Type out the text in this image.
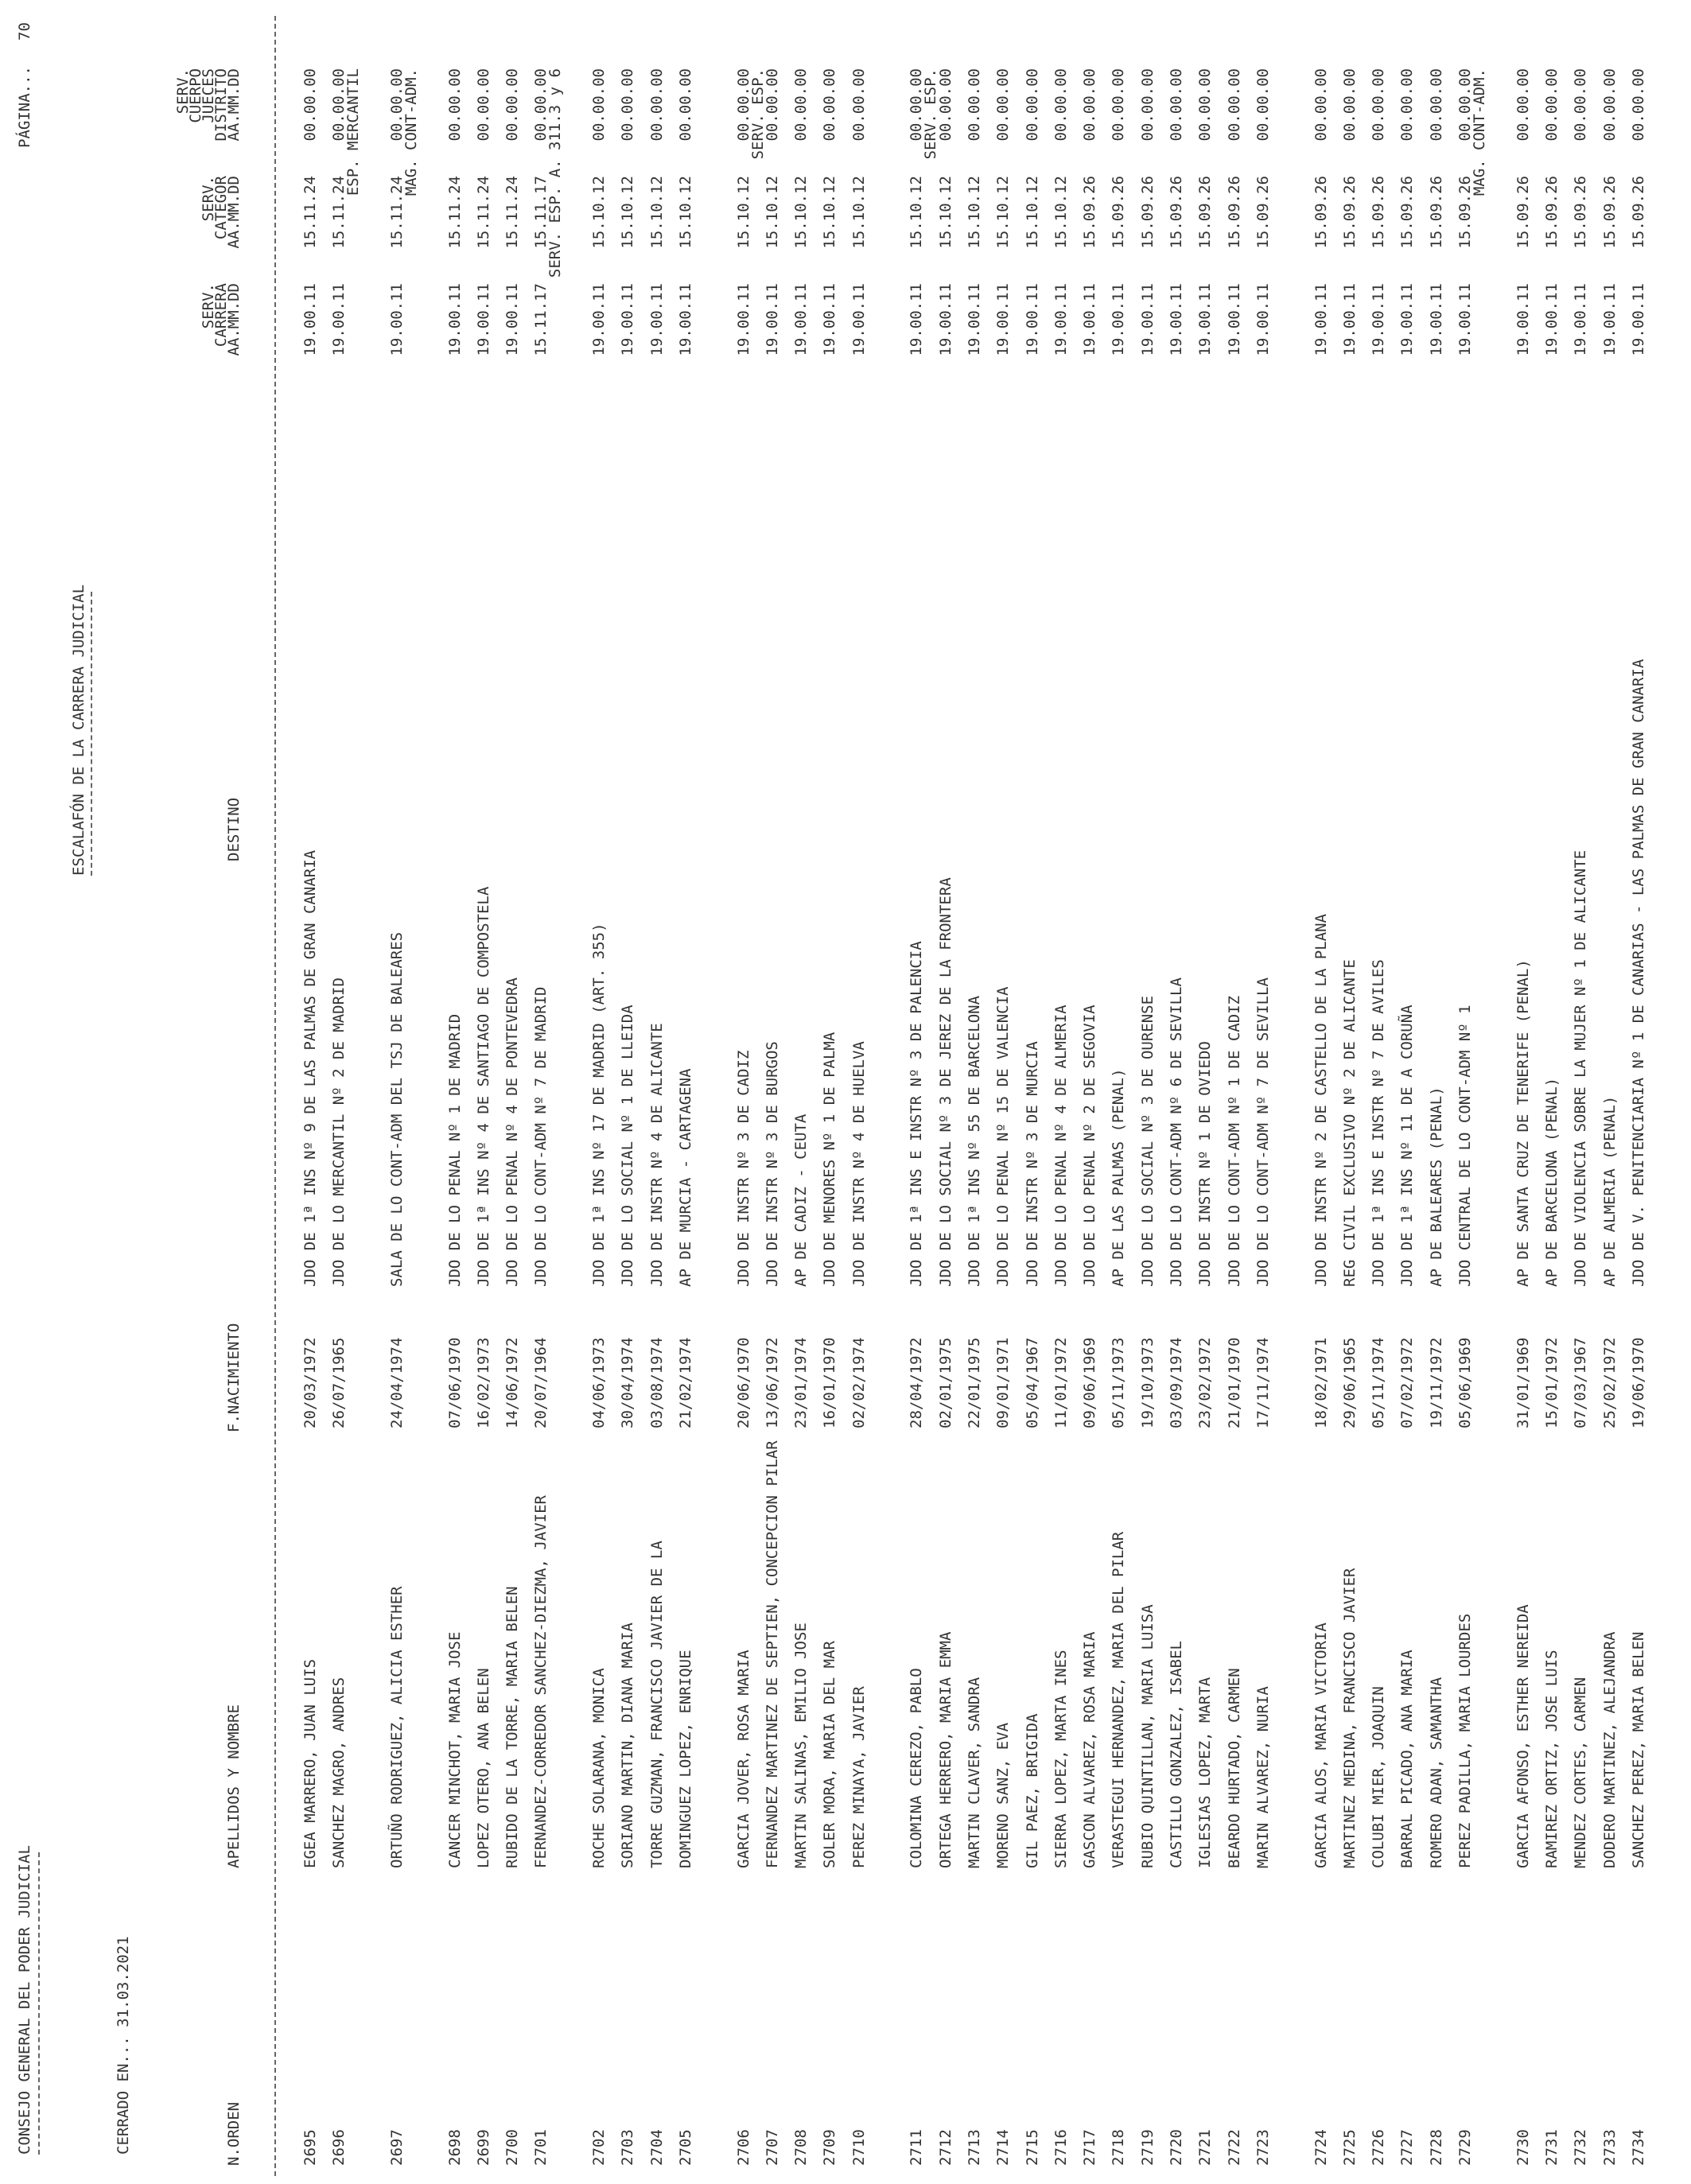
CONSEJO GENERAL DEL PODER JUDICIAL	CERRADO EN... 31.03.2021
ESCALAFÓN DE LA CARRERA JUDICIAL
PÁGINA...
70
N.ORDEN
APELLIDOS Y NOMBRE
F.NACIMIENTO
DESTINO
SERV.
CARRERA
AA.MM.DD
SERV.
CATEGOR
AA.MM.DD
SERV.
CUERPO
JUECES
DISTRITO
AA.MM.DD
2695
EGEA MARRERO, JUAN LUIS
20/03/1972
JDO DE 1ª INS Nº 9 DE LAS PALMAS DE GRAN CANARIA
19.00.11
15.11.24
00.00.00
2696
SANCHEZ MAGRO, ANDRES
26/07/1965
JDO DE LO MERCANTIL Nº 2 DE MADRID
19.00.11
15.11.24
00.00.00
ESP. MERCANTIL
2697
ORTUÑO RODRIGUEZ, ALICIA ESTHER
24/04/1974
SALA DE LO CONT-ADM DEL TSJ DE BALEARES
19.00.11
15.11.24
00.00.00
MAG. CONT-ADM.
2698
CANCER MINCHOT, MARIA JOSE
07/06/1970
JDO DE LO PENAL Nº 1 DE MADRID
19.00.11
15.11.24
00.00.00
2699
LOPEZ OTERO, ANA BELEN
16/02/1973
JDO DE 1ª INS Nº 4 DE SANTIAGO DE COMPOSTELA
19.00.11
15.11.24
00.00.00
2700
RUBIDO DE LA TORRE, MARIA BELEN
14/06/1972
JDO DE LO PENAL Nº 4 DE PONTEVEDRA
19.00.11
15.11.24
00.00.00
2701
FERNANDEZ-CORREDOR SANCHEZ-DIEZMA, JAVIER
20/07/1964
JDO DE LO CONT-ADM Nº 7 DE MADRID
15.11.17
15.11.17
00.00.00
SERV. ESP. A. 311.3 y 6
2702
ROCHE SOLARANA, MONICA
04/06/1973
JDO DE 1ª INS Nº 17 DE MADRID (ART. 355)
19.00.11
15.10.12
00.00.00
2703
SORIANO MARTIN, DIANA MARIA
30/04/1974
JDO DE LO SOCIAL Nº 1 DE LLEIDA
19.00.11
15.10.12
00.00.00
2704
TORRE GUZMAN, FRANCISCO JAVIER DE LA
03/08/1974
JDO DE INSTR Nº 4 DE ALICANTE
19.00.11
15.10.12
00.00.00
2705
DOMINGUEZ LOPEZ, ENRIQUE
21/02/1974
AP DE MURCIA - CARTAGENA
19.00.11
15.10.12
00.00.00
2706
GARCIA JOVER, ROSA MARIA
20/06/1970
JDO DE INSTR Nº 3 DE CADIZ
19.00.11
15.10.12
00.00.00
SERV. ESP.
2707
FERNANDEZ MARTINEZ DE SEPTIEN, CONCEPCION PILAR
13/06/1972
JDO DE INSTR Nº 3 DE BURGOS
19.00.11
15.10.12
00.00.00
2708
MARTIN SALINAS, EMILIO JOSE
23/01/1974
AP DE CADIZ - CEUTA
19.00.11
15.10.12
00.00.00
2709
SOLER MORA, MARIA DEL MAR
16/01/1970
JDO DE MENORES Nº 1 DE PALMA
19.00.11
15.10.12
00.00.00
2710
PEREZ MINAYA, JAVIER
02/02/1974
JDO DE INSTR Nº 4 DE HUELVA
19.00.11
15.10.12
00.00.00
2711
COLOMINA CEREZO, PABLO
28/04/1972
JDO DE 1ª INS E INSTR Nº 3 DE PALENCIA
19.00.11
15.10.12
00.00.00
SERV. ESP.
2712
ORTEGA HERRERO, MARIA EMMA
02/01/1975
JDO DE LO SOCIAL Nº 3 DE JEREZ DE LA FRONTERA
19.00.11
15.10.12
00.00.00
2713
MARTIN CLAVER, SANDRA
22/01/1975
JDO DE 1ª INS Nº 55 DE BARCELONA
19.00.11
15.10.12
00.00.00
2714
MORENO SANZ, EVA
09/01/1971
JDO DE LO PENAL Nº 15 DE VALENCIA
19.00.11
15.10.12
00.00.00
2715
GIL PAEZ, BRIGIDA
05/04/1967
JDO DE INSTR Nº 3 DE MURCIA
19.00.11
15.10.12
00.00.00
2716
SIERRA LOPEZ, MARTA INES
11/01/1972
JDO DE LO PENAL Nº 4 DE ALMERIA
19.00.11
15.10.12
00.00.00
2717
GASCON ALVAREZ, ROSA MARIA
09/06/1969
JDO DE LO PENAL Nº 2 DE SEGOVIA
19.00.11
15.09.26
00.00.00
2718
VERASTEGUI HERNANDEZ, MARIA DEL PILAR
05/11/1973
AP DE LAS PALMAS (PENAL)
19.00.11
15.09.26
00.00.00
2719
RUBIO QUINTILLAN, MARIA LUISA
19/10/1973
JDO DE LO SOCIAL Nº 3 DE OURENSE
19.00.11
15.09.26
00.00.00
2720
CASTILLO GONZALEZ, ISABEL
03/09/1974
JDO DE LO CONT-ADM Nº 6 DE SEVILLA
19.00.11
15.09.26
00.00.00
2721
IGLESIAS LOPEZ, MARTA
23/02/1972
JDO DE INSTR Nº 1 DE OVIEDO
19.00.11
15.09.26
00.00.00
2722
BEARDO HURTADO, CARMEN
21/01/1970
JDO DE LO CONT-ADM Nº 1 DE CADIZ
19.00.11
15.09.26
00.00.00
2723
MARIN ALVAREZ, NURIA
17/11/1974
JDO DE LO CONT-ADM Nº 7 DE SEVILLA
19.00.11
15.09.26
00.00.00
2724
GARCIA ALOS, MARIA VICTORIA
18/02/1971
JDO DE INSTR Nº 2 DE CASTELLO DE LA PLANA
19.00.11
15.09.26
00.00.00
2725
MARTINEZ MEDINA, FRANCISCO JAVIER
29/06/1965
REG CIVIL EXCLUSIVO Nº 2 DE ALICANTE
19.00.11
15.09.26
00.00.00
2726
COLUBI MIER, JOAQUIN
05/11/1974
JDO DE 1ª INS E INSTR Nº 7 DE AVILES
19.00.11
15.09.26
00.00.00
2727
BARRAL PICADO, ANA MARIA
07/02/1972
JDO DE 1ª INS Nº 11 DE A CORUÑA
19.00.11
15.09.26
00.00.00
2728
ROMERO ADAN, SAMANTHA
19/11/1972
AP DE BALEARES (PENAL)
19.00.11
15.09.26
00.00.00
2729
PEREZ PADILLA, MARIA LOURDES
05/06/1969
JDO CENTRAL DE LO CONT-ADM Nº 1
19.00.11
15.09.26
00.00.00
MAG. CONT-ADM.
2730
GARCIA AFONSO, ESTHER NEREIDA
31/01/1969
AP DE SANTA CRUZ DE TENERIFE (PENAL)
19.00.11
15.09.26
00.00.00
2731
RAMIREZ ORTIZ, JOSE LUIS
15/01/1972
AP DE BARCELONA (PENAL)
19.00.11
15.09.26
00.00.00
2732
MENDEZ CORTES, CARMEN
07/03/1967
JDO DE VIOLENCIA SOBRE LA MUJER Nº 1 DE ALICANTE
19.00.11
15.09.26
00.00.00
2733
DODERO MARTINEZ, ALEJANDRA
25/02/1972
AP DE ALMERIA (PENAL)
19.00.11
15.09.26
00.00.00
2734
SANCHEZ PEREZ, MARIA BELEN
19/06/1970
JDO DE V. PENITENCIARIA Nº 1 DE CANARIAS - LAS PALMAS DE GRAN CANARIA
19.00.11
15.09.26
00.00.00
